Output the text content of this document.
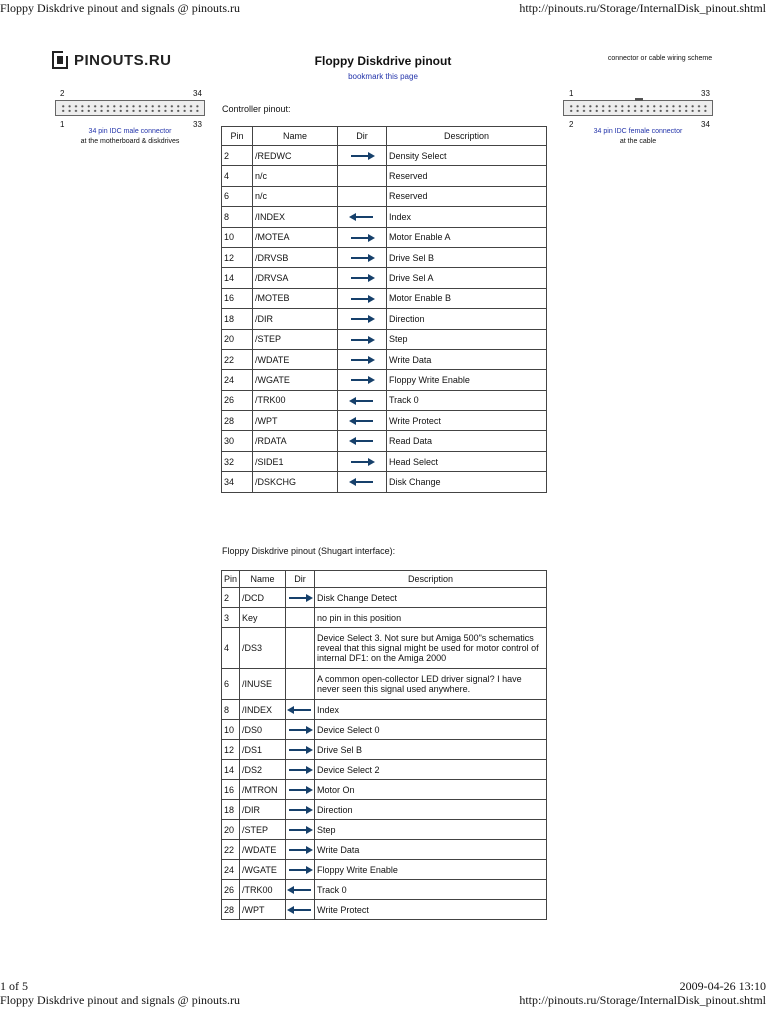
Floppy Diskdrive pinout and signals @ pinouts.ru	http://pinouts.ru/Storage/InternalDisk_pinout.shtml
PINOUTS.RU	Floppy Diskdrive pinout
bookmark this page
connector or cable wiring scheme
2	34
1	33
34 pin IDC male connector
at the motherboard & diskdrives
1	33
2	34
34 pin IDC female connector
at the cable
Controller pinout:
Pin	Name	Dir	Description
2	/REDWC		Density Select
4	n/c		Reserved
6	n/c		Reserved
8	/INDEX		Index
10	/MOTEA		Motor Enable A
12	/DRVSB		Drive Sel B
14	/DRVSA		Drive Sel A
16	/MOTEB		Motor Enable B
18	/DIR		Direction
20	/STEP		Step
22	/WDATE		Write Data
24	/WGATE		Floppy Write Enable
26	/TRK00		Track 0
28	/WPT		Write Protect
30	/RDATA		Read Data
32	/SIDE1		Head Select
34	/DSKCHG		Disk Change
Floppy Diskdrive pinout (Shugart interface):
Pin	Name	Dir	Description
2	/DCD		Disk Change Detect
3	Key		no pin in this position
4	/DS3		Device Select 3. Not sure but Amiga 500"s schematics reveal that this signal might be used for motor control of internal DF1: on the Amiga 2000
6	/INUSE		A common open-collector LED driver signal? I have never seen this signal used anywhere.
8	/INDEX		Index
10	/DS0		Device Select 0
12	/DS1		Drive Sel B
14	/DS2		Device Select 2
16	/MTRON		Motor On
18	/DIR		Direction
20	/STEP		Step
22	/WDATE		Write Data
24	/WGATE		Floppy Write Enable
26	/TRK00		Track 0
28	/WPT		Write Protect
1 of 5	2009-04-26 13:10
Floppy Diskdrive pinout and signals @ pinouts.ru	http://pinouts.ru/Storage/InternalDisk_pinout.shtml
